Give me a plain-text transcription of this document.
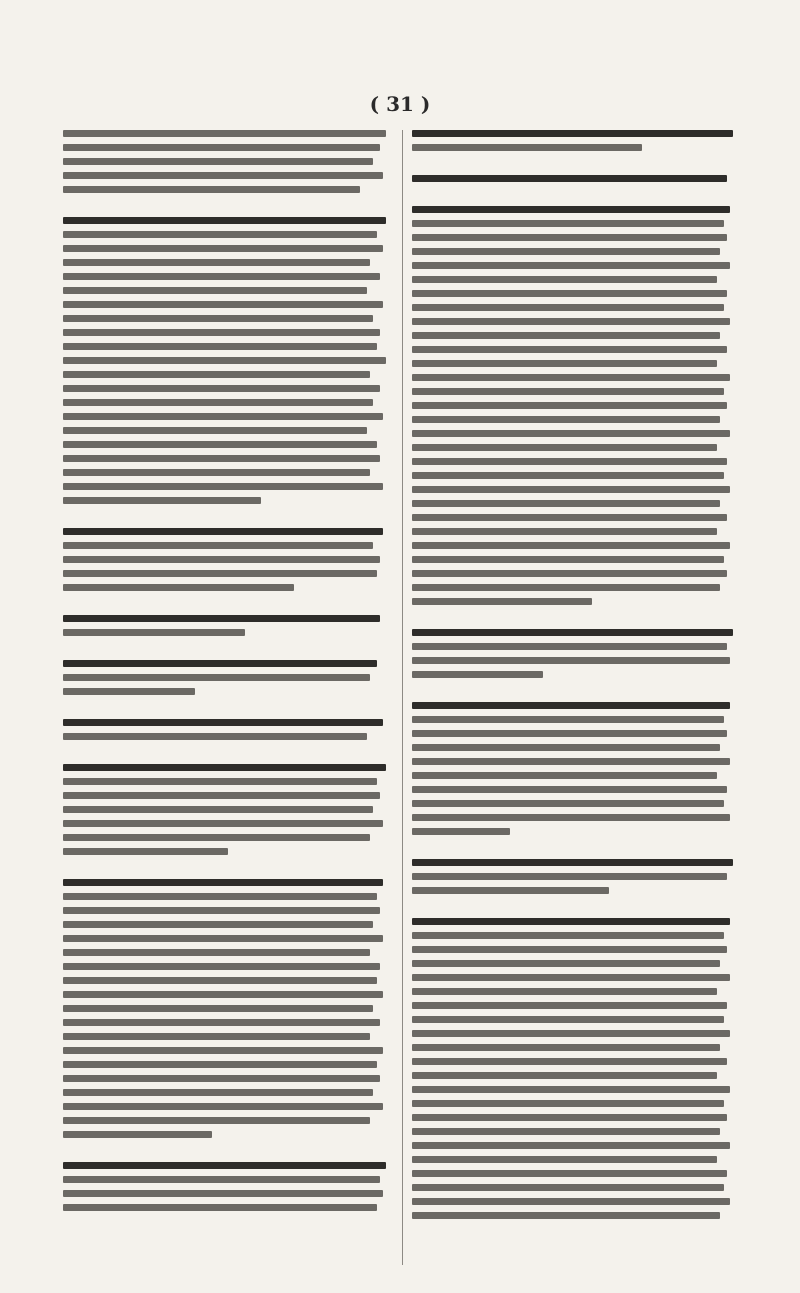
( 31 )
